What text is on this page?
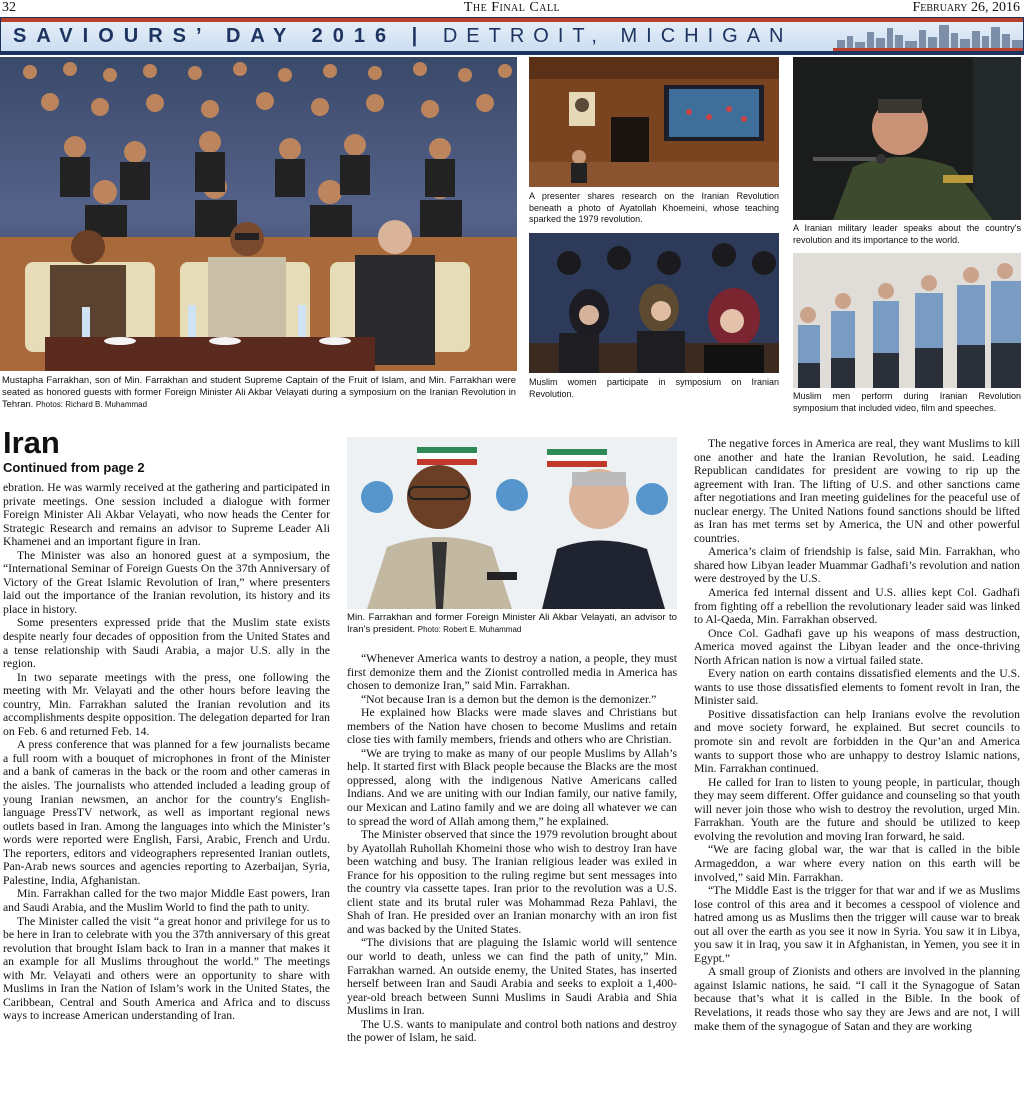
The Final Call
32	February 26, 2016
SAVIOURS’ DAY 2016 | DETROIT, MICHIGAN
Mustapha Farrakhan, son of Min. Farrakhan and student Supreme Captain of the Fruit of Islam, and Min. Farrakhan were seated as honored guests with former Foreign Minister Ali Akbar Velayati during a symposium on the Iranian Revolution in Tehran. Photos: Richard B. Muhammad
A presenter shares research on the Iranian Revolution beneath a photo of Ayatollah Khoemeini, whose teaching sparked the 1979 revolution.
A Iranian military leader speaks about the country's revolution and its importance to the world.
Muslim women participate in symposium on Iranian Revolution.	Muslim men perform during Iranian Revolution symposium that included video, film and speeches.
Iran
Continued from page 2

ebration. He was warmly received at the gathering and participated in private meetings. One session included a dialogue with former Foreign Minister Ali Akbar Velayati, who now heads the Center for Strategic Research and remains an advisor to Supreme Leader Ali Khamenei and an important figure in Iran.

The Minister was also an honored guest at a symposium, the “International Seminar of Foreign Guests On the 37th Anniversary of Victory of the Great Islamic Revolution of Iran,” where presenters laid out the importance of the Iranian revolution, its history and its place in history.

Some presenters expressed pride that the Muslim state exists despite nearly four decades of opposition from the United States and a tense relationship with Saudi Arabia, a major U.S. ally in the region.

In two separate meetings with the press, one following the meeting with Mr. Velayati and the other hours before leaving the country, Min. Farrakhan saluted the Iranian revolution and its accomplishments despite opposition. The delegation departed for Iran on Feb. 6 and returned Feb. 14.

A press conference that was planned for a few journalists became a full room with a bouquet of microphones in front of the Minister and a bank of cameras in the back or the room and other cameras in the aisles. The journalists who attended included a leading group of young Iranian newsmen, an anchor for the country's English-language PressTV network, as well as important regional news outlets based in Iran. Among the languages into which the Minister’s words were reported were English, Farsi, Arabic, French and Urdu. The reporters, editors and videographers represented Iranian outlets, Pan-Arab news sources and agencies reporting to Azerbaijan, Syria, Palestine, India, Afghanistan.

Min. Farrakhan called for the two major Middle East powers, Iran and Saudi Arabia, and the Muslim World to find the path to unity.

The Minister called the visit “a great honor and privilege for us to be here in Iran to celebrate with you the 37th anniversary of this great revolution that brought Islam back to Iran in a manner that makes it an example for all Muslims throughout the world.” The meetings with Mr. Velayati and others were an opportunity to share with Muslims in Iran the Nation of Islam’s work in the United States, the Caribbean, Central and South America and Africa and to discuss ways to increase American understanding of Iran.

Min. Farrakhan and former Foreign Minister Ali Akbar Velayati, an advisor to Iran’s president. Photo: Robert E. Muhammad

“Whenever America wants to destroy a nation, a people, they must first demonize them and the Zionist controlled media in America has chosen to demonize Iran,” said Min. Farrakhan.

“Not because Iran is a demon but the demon is the demonizer.”

He explained how Blacks were made slaves and Christians but members of the Nation have chosen to become Muslims and retain close ties with family members, friends and others who are Christian.

“We are trying to make as many of our people Muslims by Allah’s help. It started first with Black people because the Blacks are the most oppressed, along with the indigenous Native Americans called Indians. And we are uniting with our Indian family, our native family, our Mexican and Latino family and we are doing all whatever we can to spread the word of Allah among them,” he explained.

The Minister observed that since the 1979 revolution brought about by Ayatollah Ruhollah Khomeini those who wish to destroy Iran have been watching and busy. The Iranian religious leader was exiled in France for his opposition to the ruling regime but sent messages into the country via cassette tapes. Iran prior to the revolution was a U.S. client state and its brutal ruler was Mohammad Reza Pahlavi, the Shah of Iran. He presided over an Iranian monarchy with an iron fist and was backed by the United States.

“The divisions that are plaguing the Islamic world will sentence our world to death, unless we can find the path of unity,” Min. Farrakhan warned. An outside enemy, the United States, has inserted herself between Iran and Saudi Arabia and seeks to exploit a 1,400-year-old breach between Sunni Muslims in Saudi Arabia and Shia Muslims in Iran.

The U.S. wants to manipulate and control both nations and destroy the power of Islam, he said.

The negative forces in America are real, they want Muslims to kill one another and hate the Iranian Revolution, he said. Leading Republican candidates for president are vowing to rip up the agreement with Iran. The lifting of U.S. and other sanctions came after negotiations and Iran meeting guidelines for the peaceful use of nuclear energy. The United Nations found sanctions should be lifted as Iran has met terms set by America, the UN and other powerful countries.

America’s claim of friendship is false, said Min. Farrakhan, who shared how Libyan leader Muammar Gadhafi’s revolution and nation were destroyed by the U.S.

America fed internal dissent and U.S. allies kept Col. Gadhafi from fighting off a rebellion the revolutionary leader said was linked to Al-Qaeda, Min. Farrakhan observed.

Once Col. Gadhafi gave up his weapons of mass destruction, America moved against the Libyan leader and the once-thriving North African nation is now a virtual failed state.

Every nation on earth contains dissatisfied elements and the U.S. wants to use those dissatisfied elements to foment revolt in Iran, the Minister said.

Positive dissatisfaction can help Iranians evolve the revolution and move society forward, he explained. But secret councils to promote sin and revolt are forbidden in the Qur’an and America wants to support those who are unhappy to destroy Islamic nations, Min. Farrakhan continued.

He called for Iran to listen to young people, in particular, though they may seem different. Offer guidance and counseling so that youth will never join those who wish to destroy the revolution, urged Min. Farrakhan. Youth are the future and should be utilized to keep evolving the revolution and moving Iran forward, he said.

“We are facing global war, the war that is called in the bible Armageddon, a war where every nation on this earth will be involved,” said Min. Farrakhan.

“The Middle East is the trigger for that war and if we as Muslims lose control of this area and it becomes a cesspool of violence and hatred among us as Muslims then the trigger will cause war to break out all over the earth as you see it now in Syria. You saw it in Libya, you saw it in Iraq, you saw it in Afghanistan, in Yemen, you see it in Egypt.”

A small group of Zionists and others are involved in the planning against Islamic nations, he said. “I call it the Synagogue of Satan because that’s what it is called in the Bible. In the book of Revelations, it reads those who say they are Jews and are not, I will make them of the synagogue of Satan and they are working
